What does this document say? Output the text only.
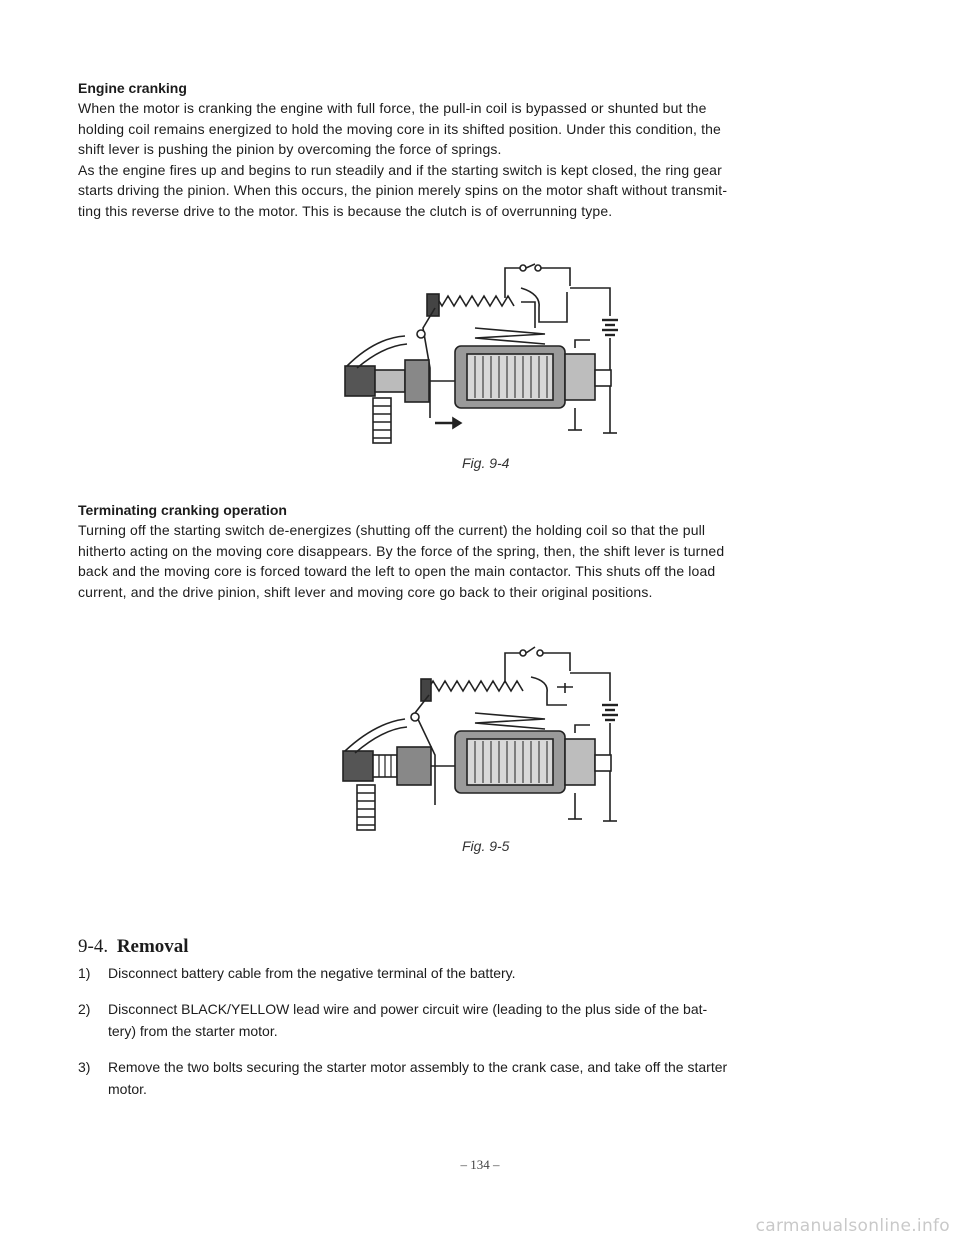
Engine cranking
When the motor is cranking the engine with full force, the pull-in coil is bypassed or shunted but the
holding coil remains energized to hold the moving core in its shifted position. Under this condition, the
shift lever is pushing the pinion by overcoming the force of springs.
As the engine fires up and begins to run steadily and if the starting switch is kept closed, the ring gear
starts driving the pinion. When this occurs, the pinion merely spins on the motor shaft without transmit-
ting this reverse drive to the motor. This is because the clutch is of overrunning type.
Fig. 9-4
Terminating cranking operation
Turning off the starting switch de-energizes (shutting off the current) the holding coil so that the pull
hitherto acting on the moving core disappears. By the force of the spring, then, the shift lever is turned
back and the moving core is forced toward the left to open the main contactor. This shuts off the load
current, and the drive pinion, shift lever and moving core go back to their original positions.
Fig. 9-5
9-4. Removal
1) Disconnect battery cable from the negative terminal of the battery.
2) Disconnect BLACK/YELLOW lead wire and power circuit wire (leading to the plus side of the bat-
tery) from the starter motor.
3) Remove the two bolts securing the starter motor assembly to the crank case, and take off the starter
motor.
– 134 –
carmanualsonline.info
